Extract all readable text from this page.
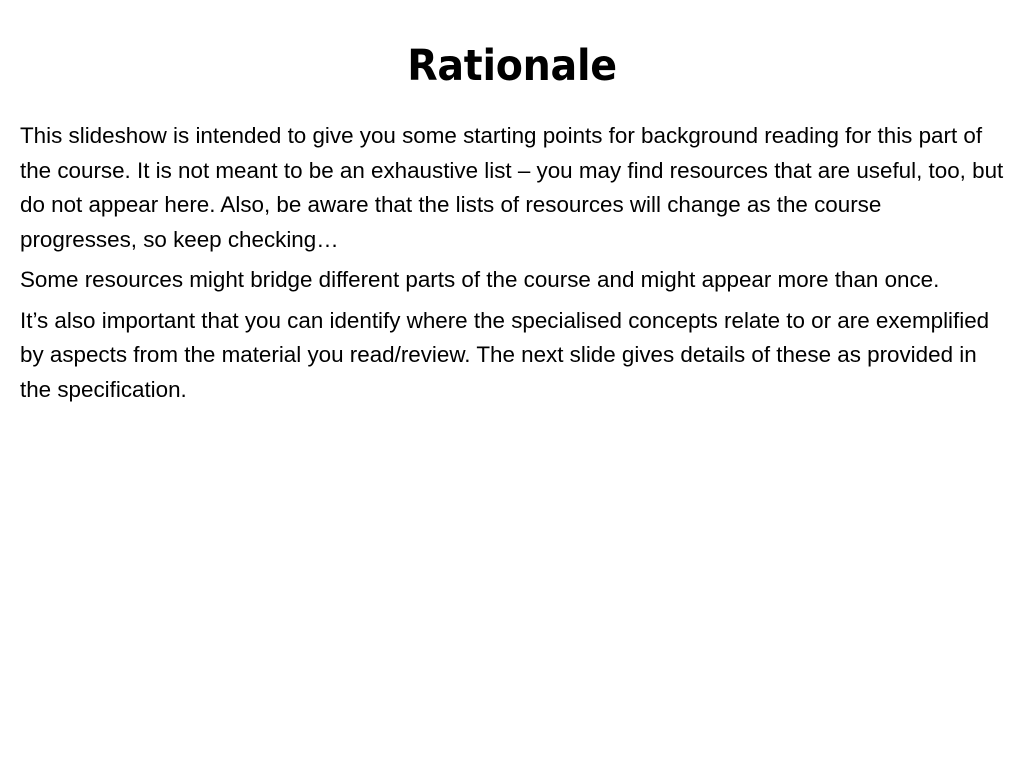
Rationale

This slideshow is intended to give you some starting points for background reading for this part of the course. It is not meant to be an exhaustive list – you may find resources that are useful, too, but do not appear here. Also, be aware that the lists of resources will change as the course progresses, so keep checking…

Some resources might bridge different parts of the course and might appear more than once.

It’s also important that you can identify where the specialised concepts relate to or are exemplified by aspects from the material you read/review. The next slide gives details of these as provided in the specification.
